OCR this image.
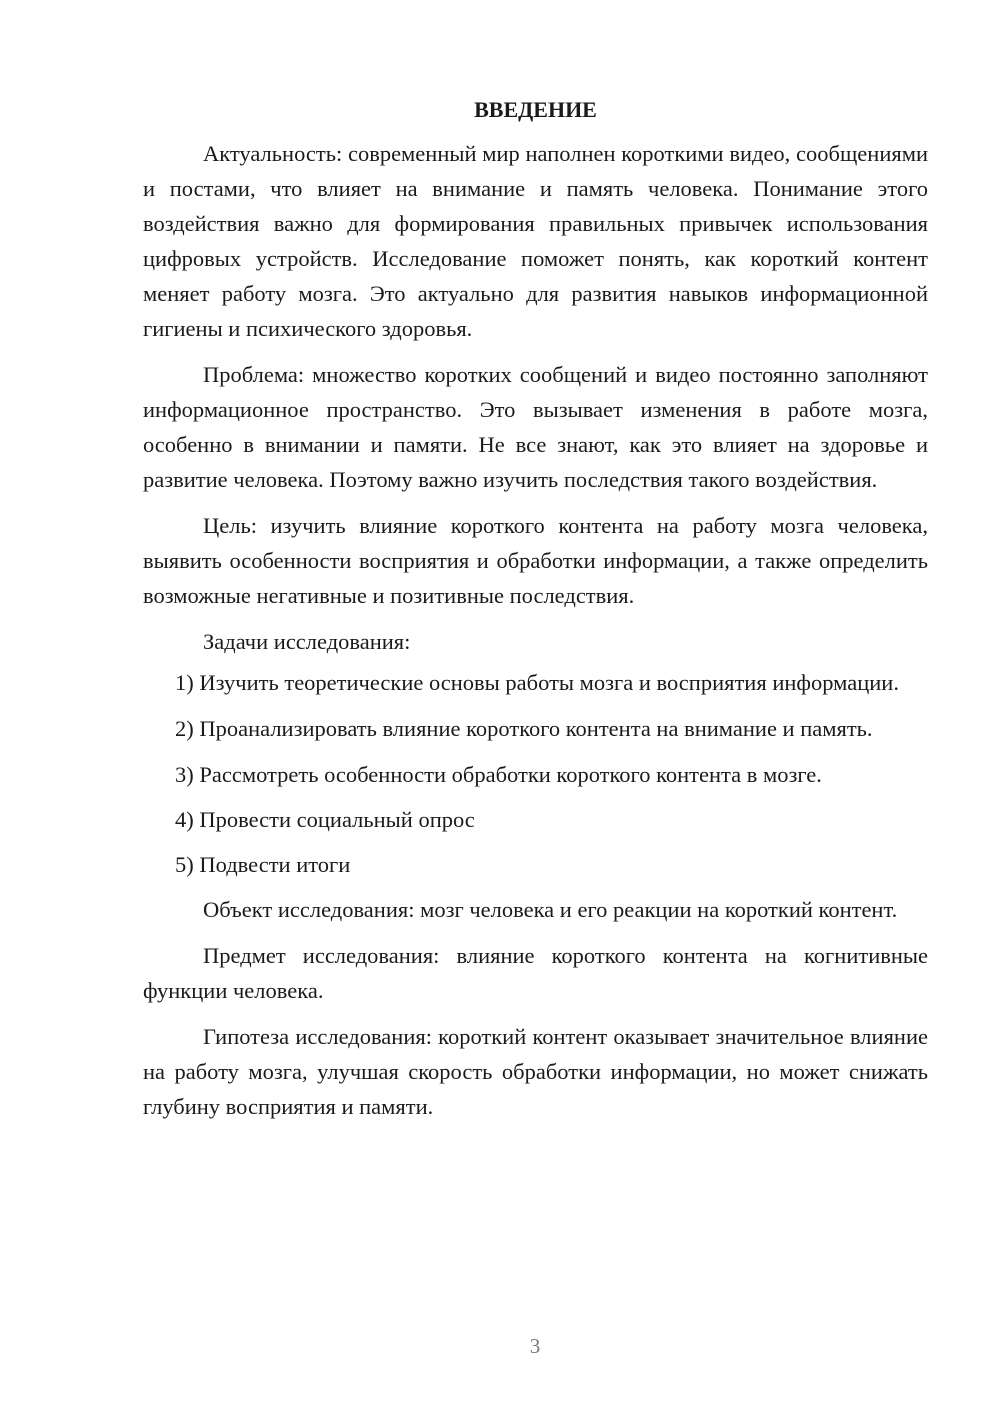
ВВЕДЕНИЕ

Актуальность: современный мир наполнен короткими видео, сообщениями и постами, что влияет на внимание и память человека. Понимание этого воздействия важно для формирования правильных привычек использования цифровых устройств. Исследование поможет понять, как короткий контент меняет работу мозга. Это актуально для развития навыков информационной гигиены и психического здоровья.

Проблема: множество коротких сообщений и видео постоянно заполняют информационное пространство. Это вызывает изменения в работе мозга, особенно в внимании и памяти. Не все знают, как это влияет на здоровье и развитие человека. Поэтому важно изучить последствия такого воздействия.

Цель: изучить влияние короткого контента на работу мозга человека, выявить особенности восприятия и обработки информации, а также определить возможные негативные и позитивные последствия.

Задачи исследования:

1) Изучить теоретические основы работы мозга и восприятия информации.

2) Проанализировать влияние короткого контента на внимание и память.

3) Рассмотреть особенности обработки короткого контента в мозге.

4) Провести социальный опрос

5) Подвести итоги

Объект исследования: мозг человека и его реакции на короткий контент.

Предмет исследования: влияние короткого контента на когнитивные функции человека.

Гипотеза исследования: короткий контент оказывает значительное влияние на работу мозга, улучшая скорость обработки информации, но может снижать глубину восприятия и памяти.

3
